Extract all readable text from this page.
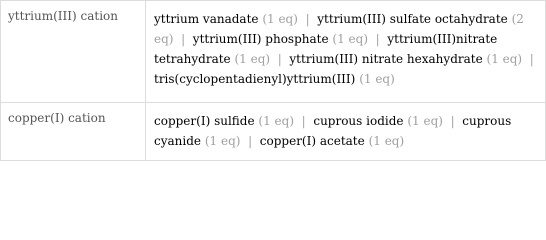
yttrium(III) cation	yttrium vanadate (1 eq) | yttrium(III) sulfate octahydrate (2 eq) | yttrium(III) phosphate (1 eq) | yttrium(III)nitrate tetrahydrate (1 eq) | yttrium(III) nitrate hexahydrate (1 eq) |  tris(cyclopentadienyl)yttrium(III) (1 eq)
copper(I) cation	copper(I) sulfide (1 eq) | cuprous iodide (1 eq) | cuprous cyanide (1 eq) | copper(I) acetate (1 eq)
